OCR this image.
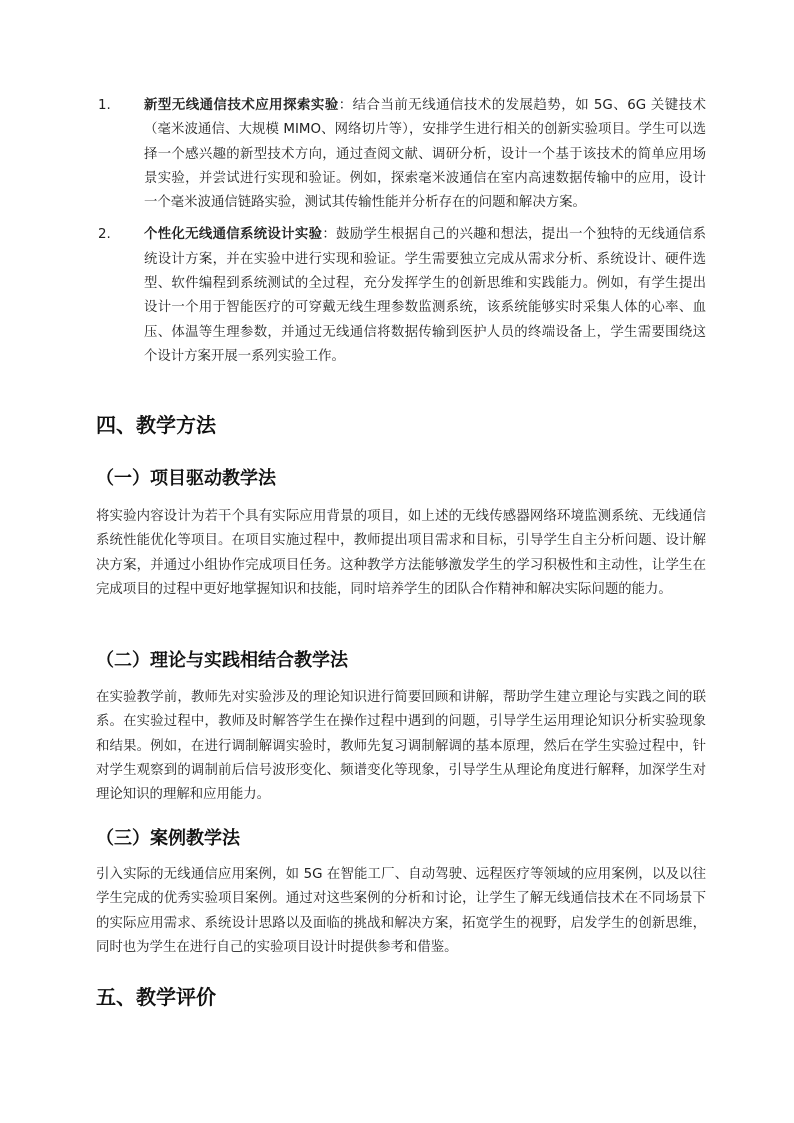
1. 新型无线通信技术应用探索实验：结合当前无线通信技术的发展趋势，如 5G、6G 关键技术（毫米波通信、大规模 MIMO、网络切片等），安排学生进行相关的创新实验项目。学生可以选择一个感兴趣的新型技术方向，通过查阅文献、调研分析，设计一个基于该技术的简单应用场景实验，并尝试进行实现和验证。例如，探索毫米波通信在室内高速数据传输中的应用，设计一个毫米波通信链路实验，测试其传输性能并分析存在的问题和解决方案。
2. 个性化无线通信系统设计实验：鼓励学生根据自己的兴趣和想法，提出一个独特的无线通信系统设计方案，并在实验中进行实现和验证。学生需要独立完成从需求分析、系统设计、硬件选型、软件编程到系统测试的全过程，充分发挥学生的创新思维和实践能力。例如，有学生提出设计一个用于智能医疗的可穿戴无线生理参数监测系统，该系统能够实时采集人体的心率、血压、体温等生理参数，并通过无线通信将数据传输到医护人员的终端设备上，学生需要围绕这个设计方案开展一系列实验工作。
四、教学方法
（一）项目驱动教学法

将实验内容设计为若干个具有实际应用背景的项目，如上述的无线传感器网络环境监测系统、无线通信系统性能优化等项目。在项目实施过程中，教师提出项目需求和目标，引导学生自主分析问题、设计解决方案，并通过小组协作完成项目任务。这种教学方法能够激发学生的学习积极性和主动性，让学生在完成项目的过程中更好地掌握知识和技能，同时培养学生的团队合作精神和解决实际问题的能力。

（二）理论与实践相结合教学法

在实验教学前，教师先对实验涉及的理论知识进行简要回顾和讲解，帮助学生建立理论与实践之间的联系。在实验过程中，教师及时解答学生在操作过程中遇到的问题，引导学生运用理论知识分析实验现象和结果。例如，在进行调制解调实验时，教师先复习调制解调的基本原理，然后在学生实验过程中，针对学生观察到的调制前后信号波形变化、频谱变化等现象，引导学生从理论角度进行解释，加深学生对理论知识的理解和应用能力。

（三）案例教学法

引入实际的无线通信应用案例，如 5G 在智能工厂、自动驾驶、远程医疗等领域的应用案例，以及以往学生完成的优秀实验项目案例。通过对这些案例的分析和讨论，让学生了解无线通信技术在不同场景下的实际应用需求、系统设计思路以及面临的挑战和解决方案，拓宽学生的视野，启发学生的创新思维，同时也为学生在进行自己的实验项目设计时提供参考和借鉴。

五、教学评价
